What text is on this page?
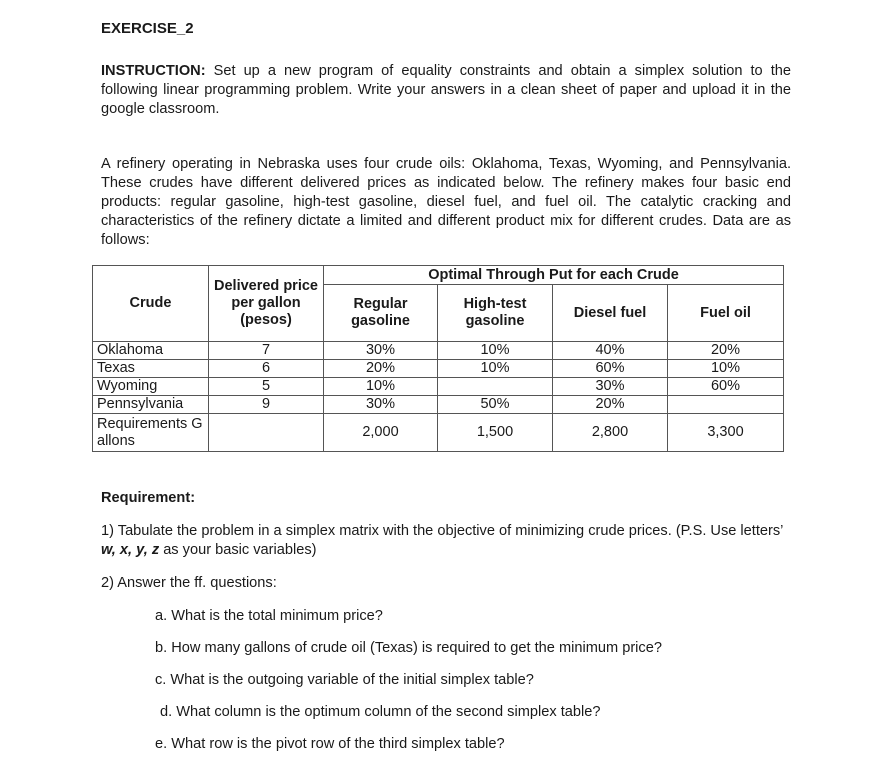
EXERCISE_2
INSTRUCTION: Set up a new program of equality constraints and obtain a simplex solution to the following linear programming problem. Write your answers in a clean sheet of paper and upload it in the google classroom.
A refinery operating in Nebraska uses four crude oils: Oklahoma, Texas, Wyoming, and Pennsylvania. These crudes have different delivered prices as indicated below. The refinery makes four basic end products: regular gasoline, high-test gasoline, diesel fuel, and fuel oil. The catalytic cracking and characteristics of the refinery dictate a limited and different product mix for different crudes. Data are as follows:
Crude	Delivered price per gallon (pesos)	Optimal Through Put for each Crude			
		Regular gasoline	High-test gasoline	Diesel fuel	Fuel oil
Oklahoma	7	30%	10%	40%	20%
Texas	6	20%	10%	60%	10%
Wyoming	5	10%		30%	60%
Pennsylvania	9	30%	50%	20%	
Requirements Gallons		2,000	1,500	2,800	3,300
Requirement:
1) Tabulate the problem in a simplex matrix with the objective of minimizing crude prices. (P.S. Use letters’ w, x, y, z as your basic variables)
2) Answer the ff. questions:
a. What is the total minimum price?
b. How many gallons of crude oil (Texas) is required to get the minimum price?
c. What is the outgoing variable of the initial simplex table?
d. What column is the optimum column of the second simplex table?
e. What row is the pivot row of the third simplex table?
